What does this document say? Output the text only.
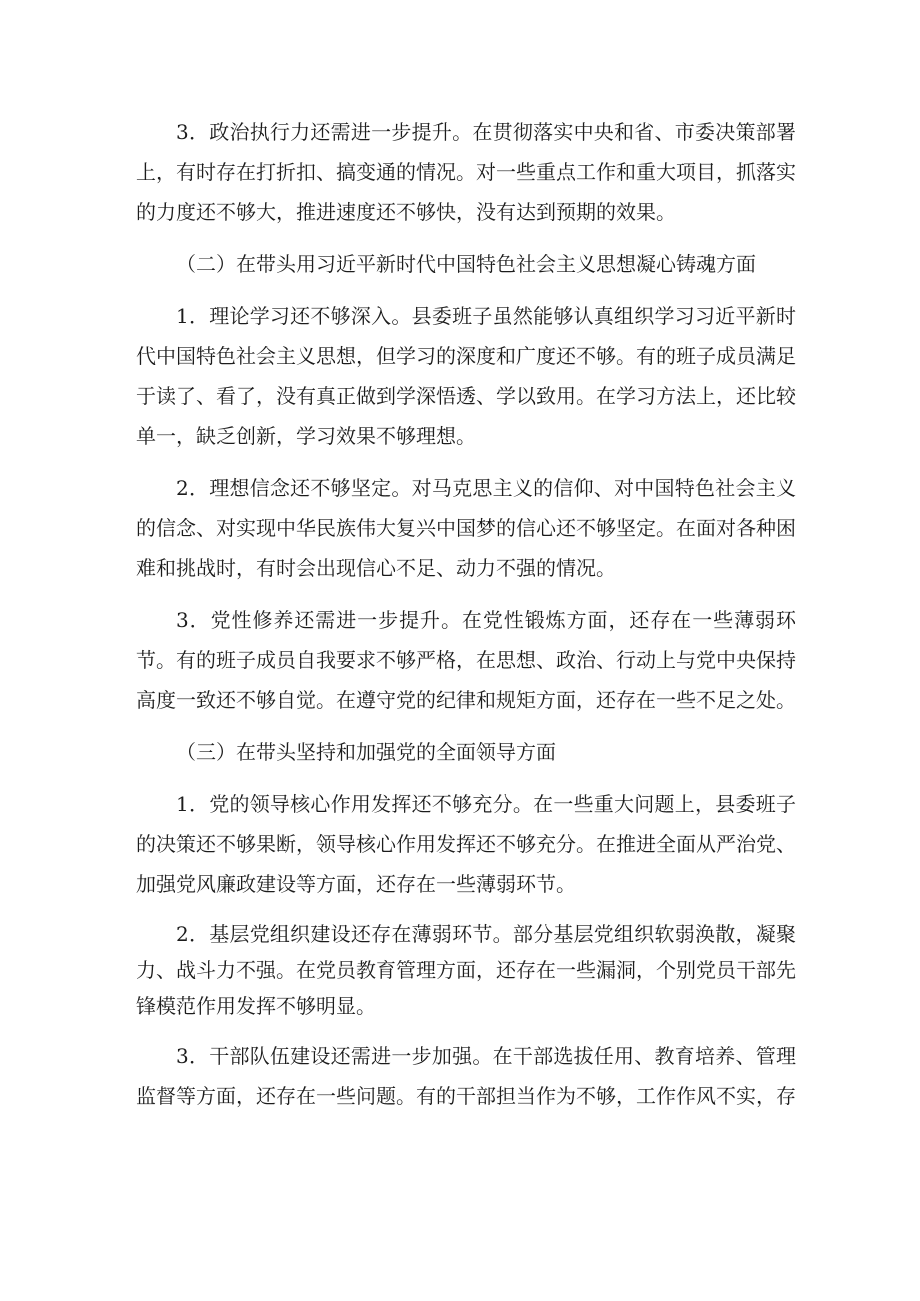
3．政治执行力还需进一步提升。在贯彻落实中央和省、市委决策部署上，有时存在打折扣、搞变通的情况。对一些重点工作和重大项目，抓落实的力度还不够大，推进速度还不够快，没有达到预期的效果。

（二）在带头用习近平新时代中国特色社会主义思想凝心铸魂方面

1．理论学习还不够深入。县委班子虽然能够认真组织学习习近平新时代中国特色社会主义思想，但学习的深度和广度还不够。有的班子成员满足于读了、看了，没有真正做到学深悟透、学以致用。在学习方法上，还比较单一，缺乏创新，学习效果不够理想。

2．理想信念还不够坚定。对马克思主义的信仰、对中国特色社会主义的信念、对实现中华民族伟大复兴中国梦的信心还不够坚定。在面对各种困难和挑战时，有时会出现信心不足、动力不强的情况。

3．党性修养还需进一步提升。在党性锻炼方面，还存在一些薄弱环节。有的班子成员自我要求不够严格，在思想、政治、行动上与党中央保持高度一致还不够自觉。在遵守党的纪律和规矩方面，还存在一些不足之处。

（三）在带头坚持和加强党的全面领导方面

1．党的领导核心作用发挥还不够充分。在一些重大问题上，县委班子的决策还不够果断，领导核心作用发挥还不够充分。在推进全面从严治党、加强党风廉政建设等方面，还存在一些薄弱环节。

2．基层党组织建设还存在薄弱环节。部分基层党组织软弱涣散，凝聚力、战斗力不强。在党员教育管理方面，还存在一些漏洞，个别党员干部先锋模范作用发挥不够明显。

3．干部队伍建设还需进一步加强。在干部选拔任用、教育培养、管理监督等方面，还存在一些问题。有的干部担当作为不够，工作作风不实，存
